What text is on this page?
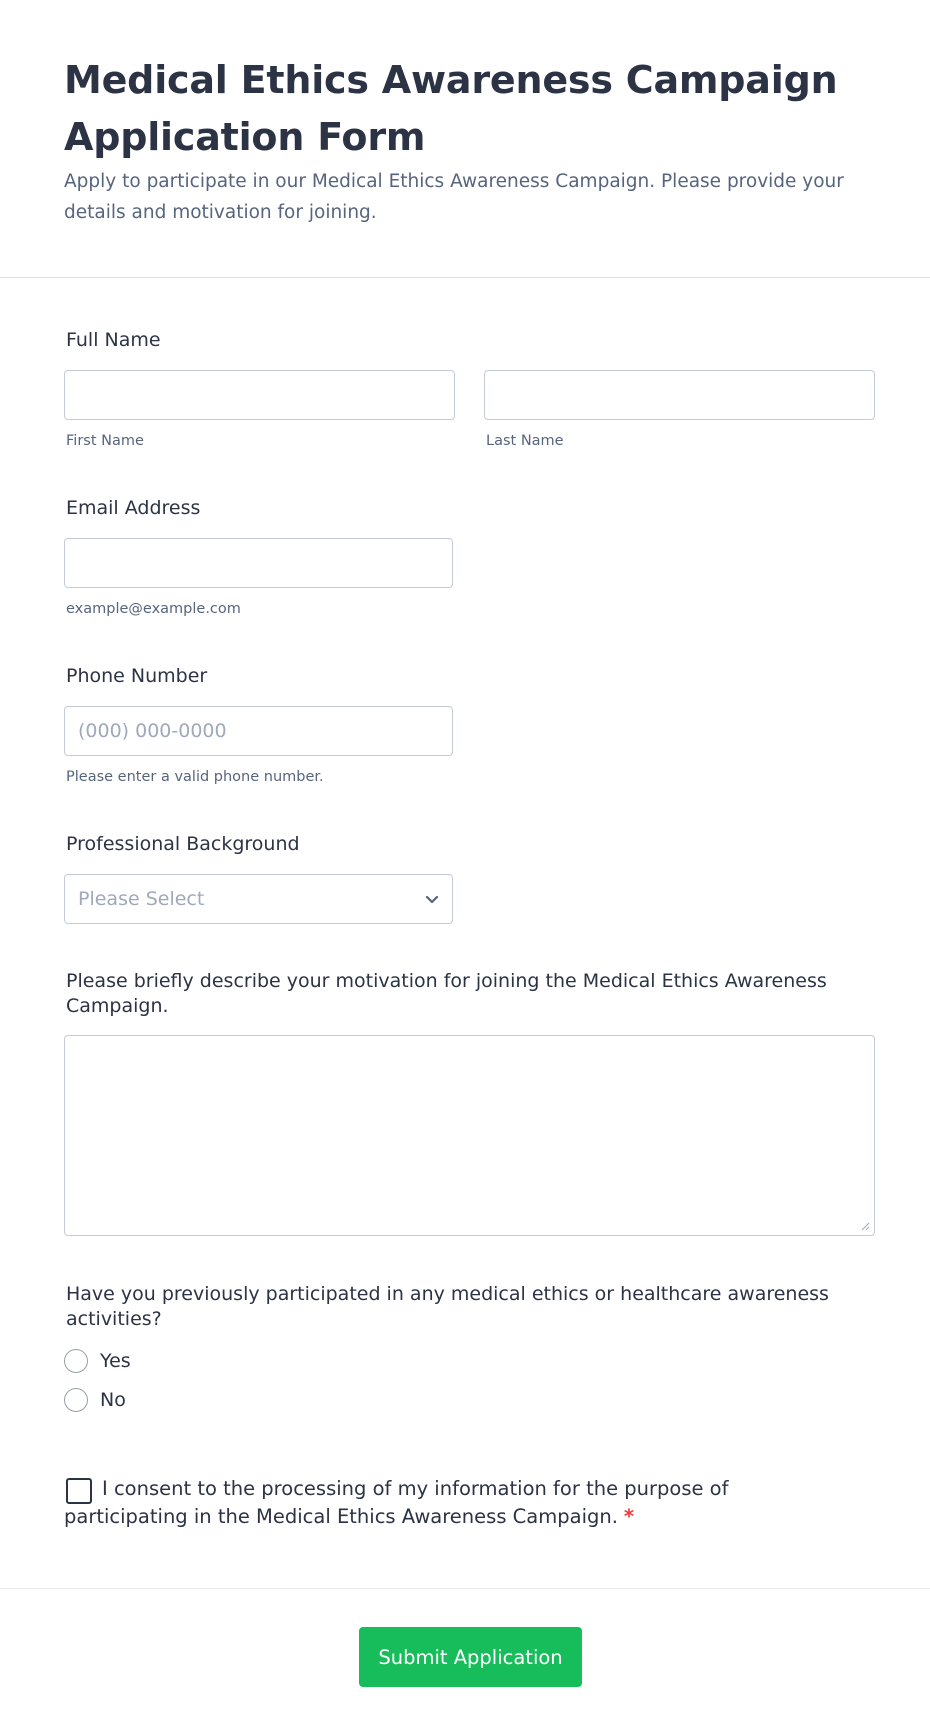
Medical Ethics Awareness Campaign Application Form

Apply to participate in our Medical Ethics Awareness Campaign. Please provide your details and motivation for joining.

Full Name
First Name	Last Name
Email Address
example@example.com
Phone Number
(000) 000-0000
Please enter a valid phone number.
Professional Background
Please Select
Please briefly describe your motivation for joining the Medical Ethics Awareness Campaign.
Have you previously participated in any medical ethics or healthcare awareness activities?
Yes
No
I consent to the processing of my information for the purpose of participating in the Medical Ethics Awareness Campaign. *
Submit Application
